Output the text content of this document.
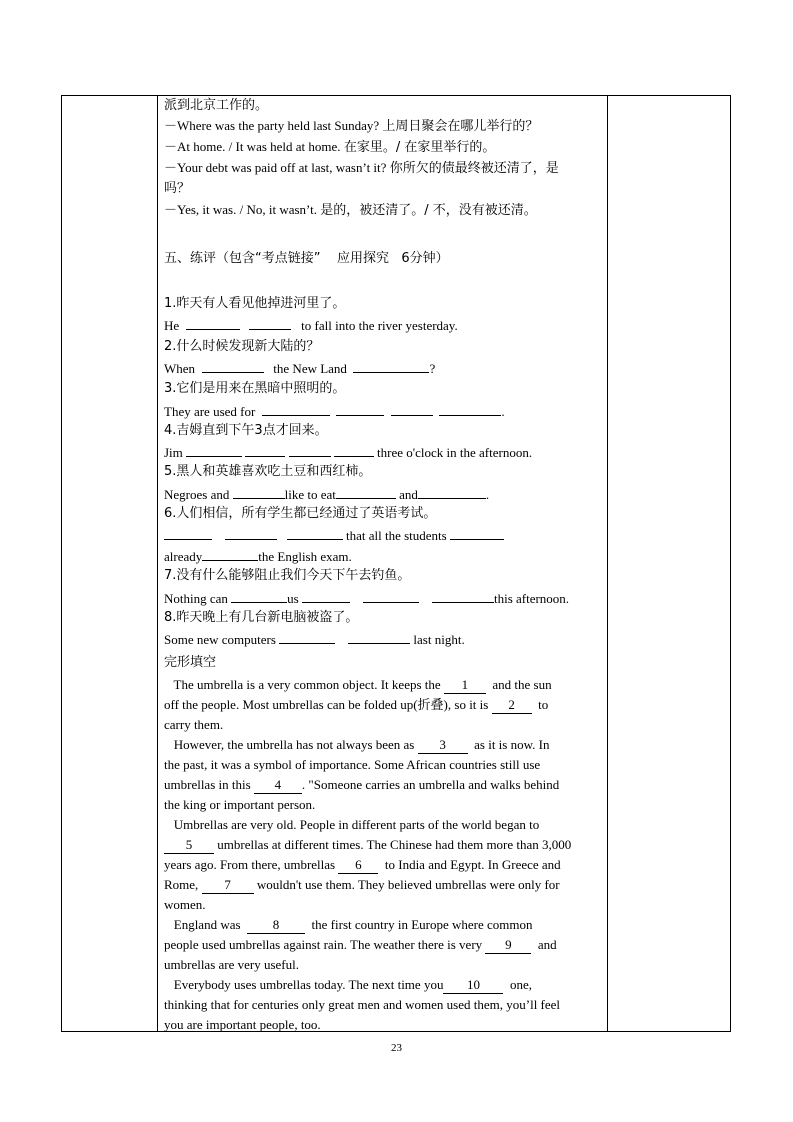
派到北京工作的。
－Where was the party held last Sunday? 上周日聚会在哪儿举行的？
－At home. / It was held at home. 在家里。/ 在家里举行的。
－Your debt was paid off at last, wasn’t it? 你所欠的债最终被还清了，是
吗？
－Yes, it was. / No, it wasn’t. 是的，被还清了。/ 不，没有被还清。
五、练评（包含“考点链接”    应用探究   6分钟）
1.昨天有人看见他掉进河里了。
He	to fall into the river yesterday.
2.什么时候发现新大陆的？
When	the New Land	?
3.它们是用来在黑暗中照明的。
They are used for	.
4.吉姆直到下午3点才回来。
Jim	three o'clock in the afternoon.
5.黑人和英雄喜欢吃土豆和西红柿。
Negroes and	like to eat	and	.
6.人们相信，所有学生都已经通过了英语考试。
that all the students
already	the English exam.
7.没有什么能够阻止我们今天下午去钓鱼。
Nothing can	us	this afternoon.
8.昨天晚上有几台新电脑被盗了。
Some new computers	last night.
完形填空
The umbrella is a very common object. It keeps the 1 and the sun
off the people. Most umbrellas can be folded up(折叠), so it is 2 to
carry them.
However, the umbrella has not always been as 3 as it is now. In
the past, it was a symbol of importance. Some African countries still use
umbrellas in this 4 . "Someone carries an umbrella and walks behind
the king or important person.
Umbrellas are very old. People in different parts of the world began to
5 umbrellas at different times. The Chinese had them more than 3,000
years ago. From there, umbrellas 6 to India and Egypt. In Greece and
Rome, 7 wouldn't use them. They believed umbrellas were only for
women.
England was 8 the first country in Europe where common
people used umbrellas against rain. The weather there is very 9 and
umbrellas are very useful.
Everybody uses umbrellas today. The next time you 10 one,
thinking that for centuries only great men and women used them, you’ll feel
you are important people, too.
23
